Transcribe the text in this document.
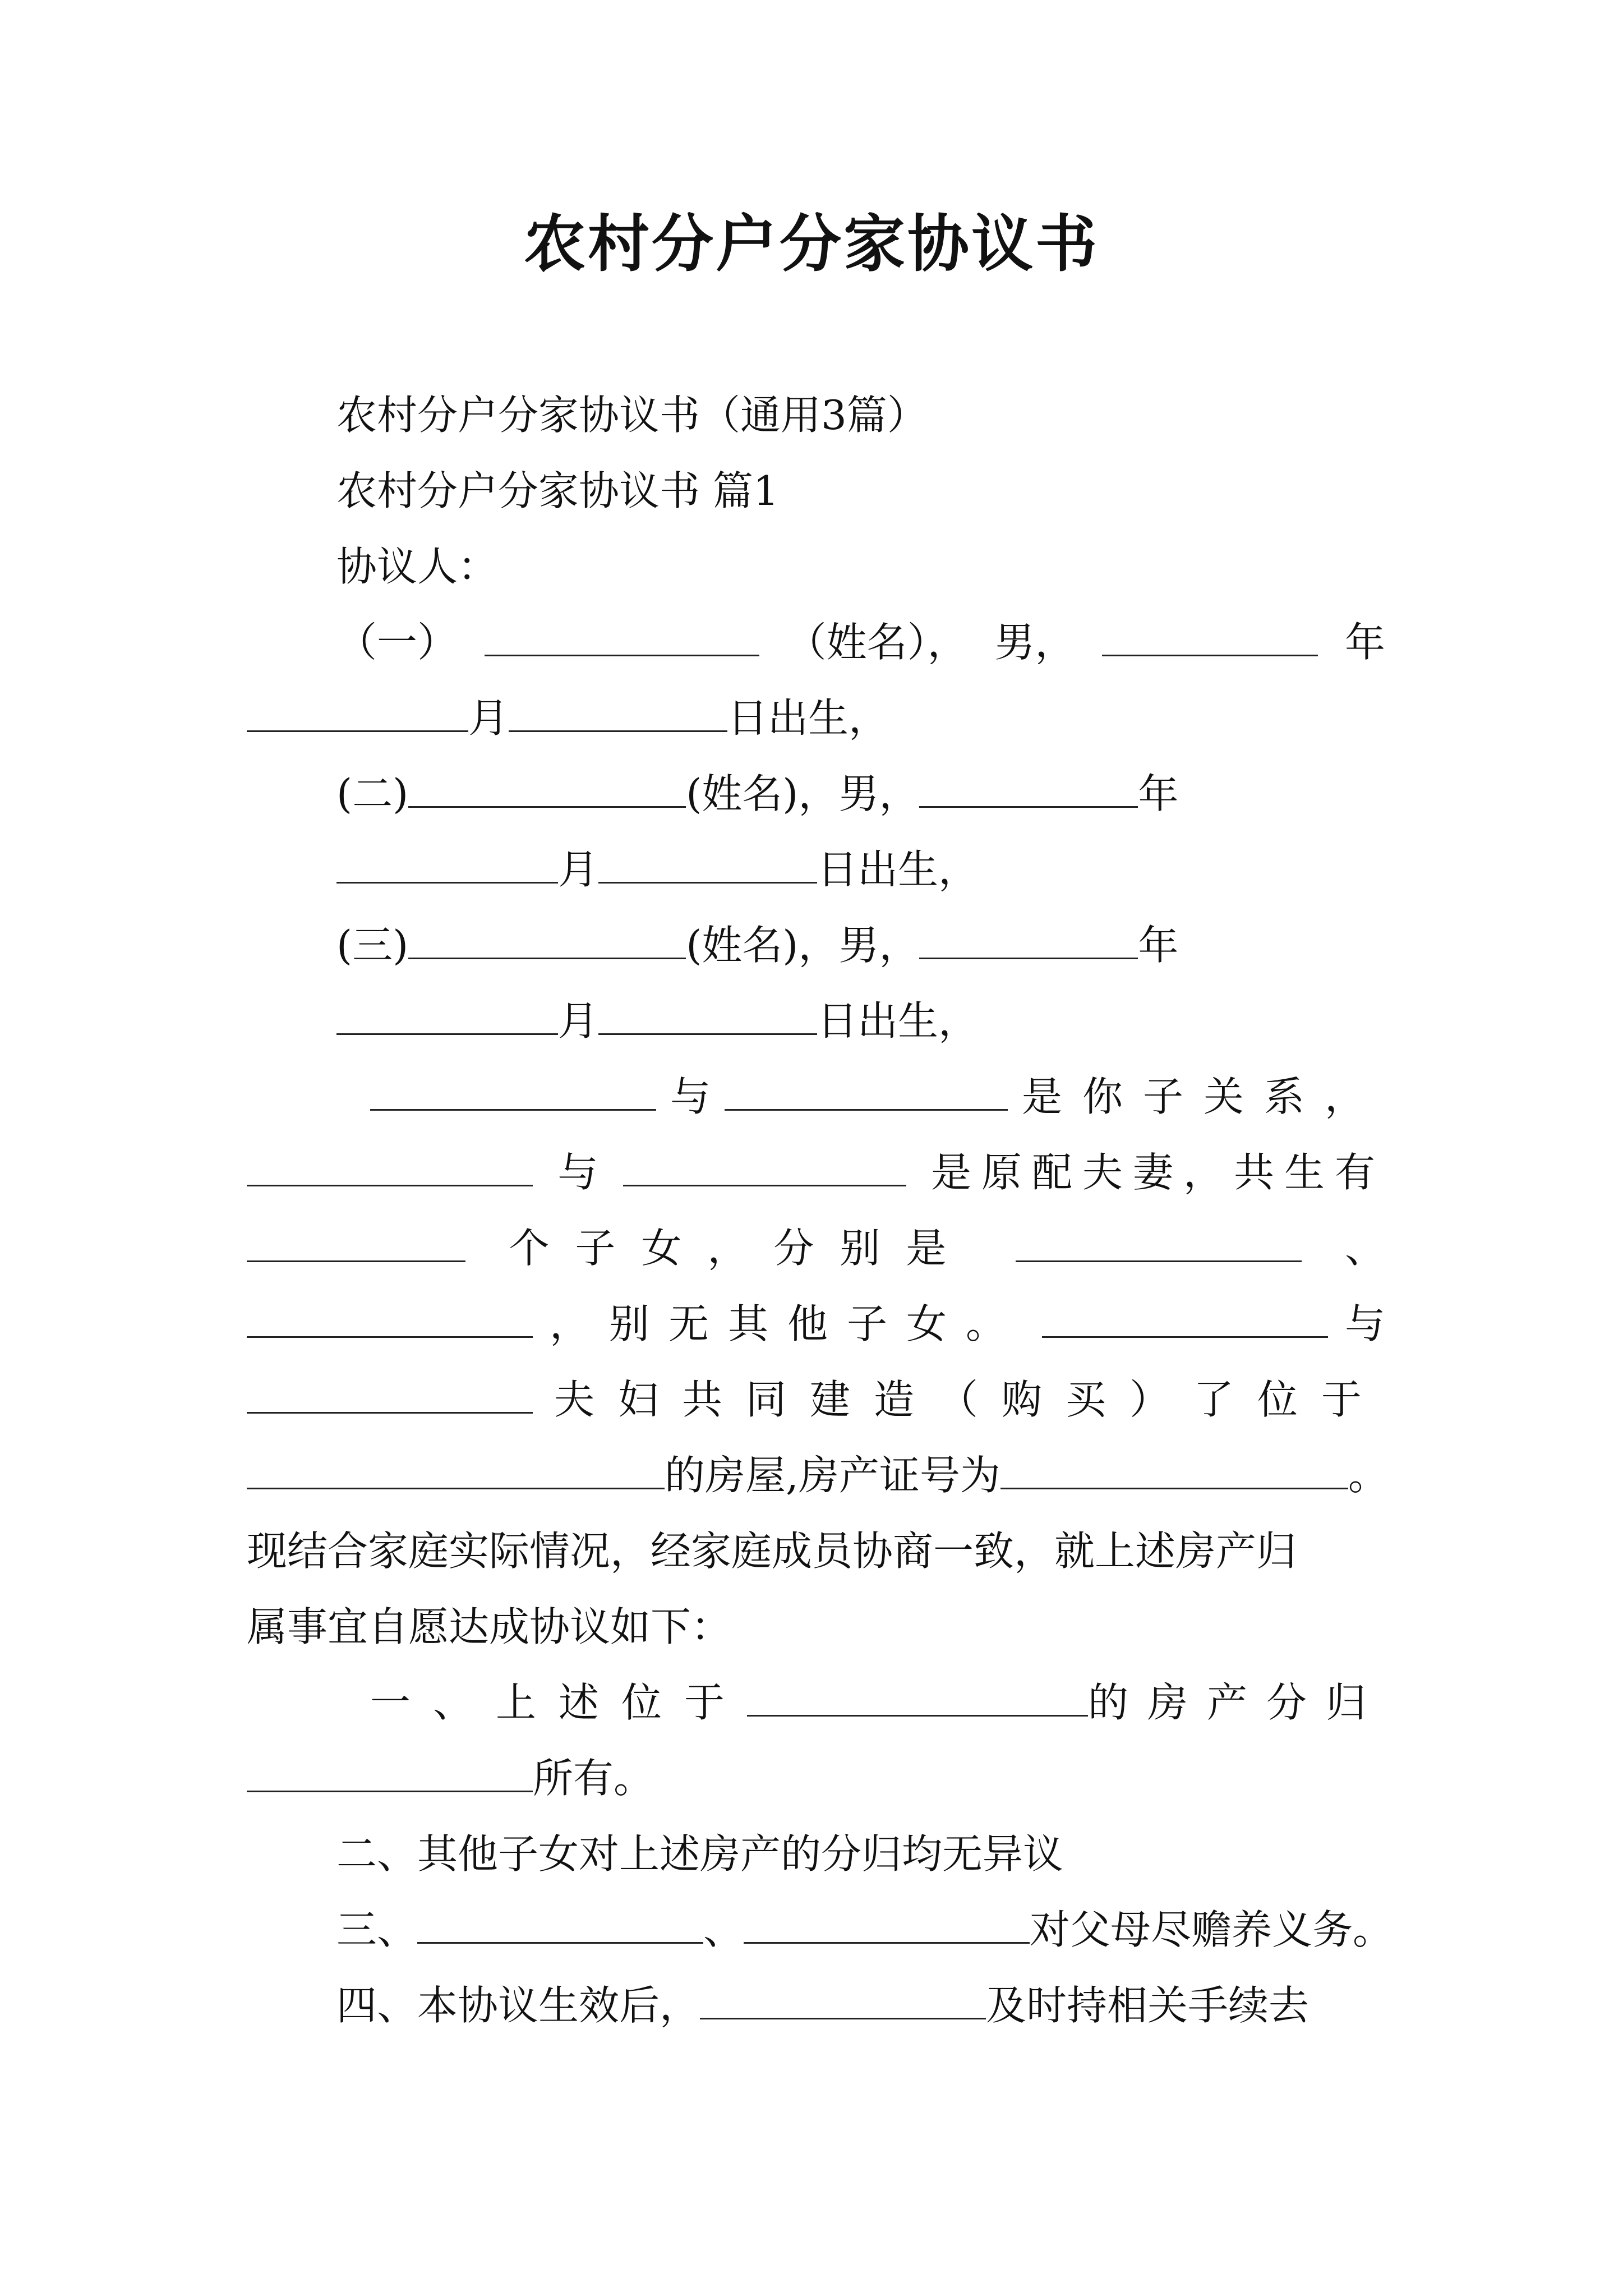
农村分户分家协议书
农村分户分家协议书（通用3篇）
农村分户分家协议书 篇1
协议人：
（一）	（姓名）， 男，	年
月	日出生，
(二)	(姓名)，男，	年
月	日出生，
(三)	(姓名)，男，	年
月	日出生，
与	是你子关系，
与	是原配夫妻，共生有
个子女，分别是	、
，别无其他子女。	与
夫妇共同建造（购买）了位于
的房屋,房产证号为	。
现结合家庭实际情况，经家庭成员协商一致，就上述房产归
属事宜自愿达成协议如下：
一、上述位于	的房产分归
所有。
二、其他子女对上述房产的分归均无异议
三、	、	对父母尽赡养义务。
四、本协议生效后，	及时持相关手续去
